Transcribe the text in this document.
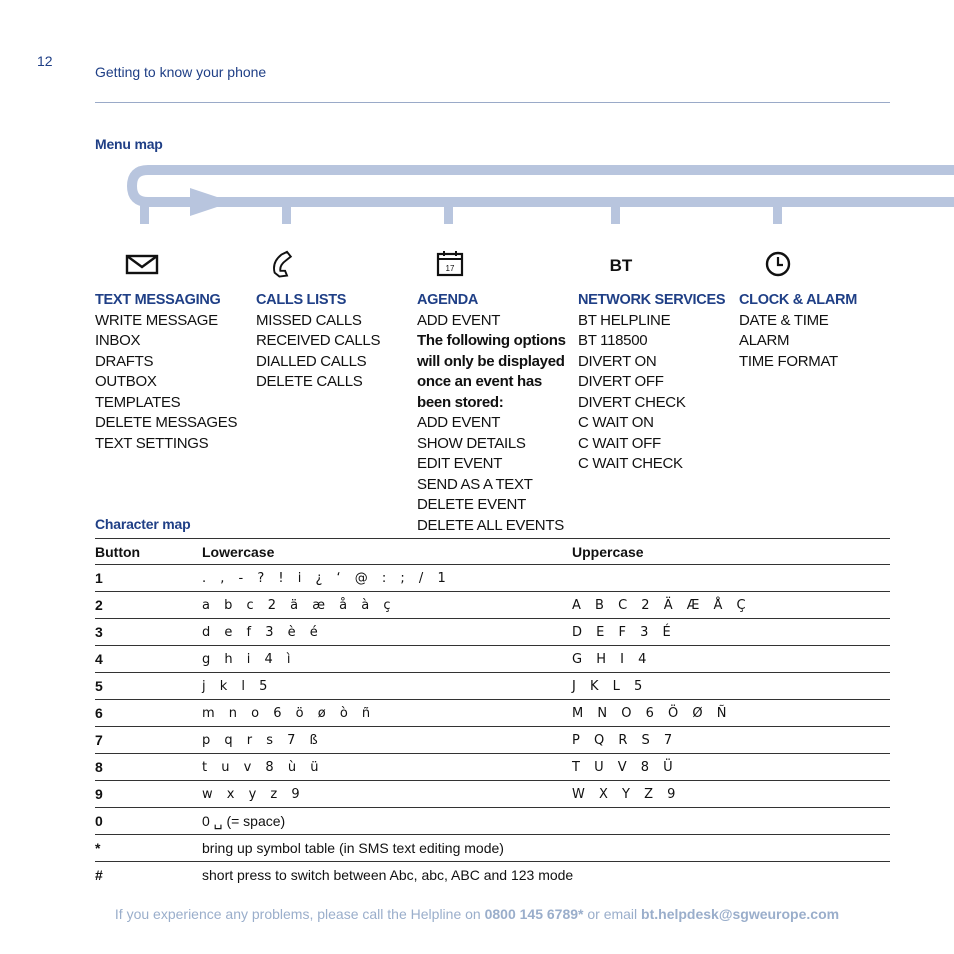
12
Getting to know your phone
Menu map
17	BT
TEXT MESSAGING
WRITE MESSAGE
INBOX
DRAFTS
OUTBOX
TEMPLATES
DELETE MESSAGES
TEXT SETTINGS
CALLS LISTS
MISSED CALLS
RECEIVED CALLS
DIALLED CALLS
DELETE CALLS
AGENDA
ADD EVENT
The following options
will only be displayed
once an event has
been stored:
ADD EVENT
SHOW DETAILS
EDIT EVENT
SEND AS A TEXT
DELETE EVENT
DELETE ALL EVENTS
NETWORK SERVICES
BT HELPLINE
BT 118500
DIVERT ON
DIVERT OFF
DIVERT CHECK
C WAIT ON
C WAIT OFF
C WAIT CHECK
CLOCK & ALARM
DATE & TIME
ALARM
TIME FORMAT
Character map
Button	Lowercase	Uppercase
1	. , - ? ! i ¿ ‘ @ : ; / 1	
2	a b c 2 ä æ å à ç	A B C 2 Ä Æ Å Ç
3	d e f 3 è é	D E F 3 É
4	g h i 4 ì	G H I 4
5	j k l 5	J K L 5
6	m n o 6 ö ø ò ñ	M N O 6 Ö Ø Ñ
7	p q r s 7 ß	P Q R S 7
8	t u v 8 ù ü	T U V 8 Ü
9	w x y z 9	W X Y Z 9
0	0 ␣ (= space)	
*	bring up symbol table (in SMS text editing mode)	
#	short press to switch between Abc, abc, ABC and 123 mode	
If you experience any problems, please call the Helpline on 0800 145 6789* or email bt.helpdesk@sgweurope.com
